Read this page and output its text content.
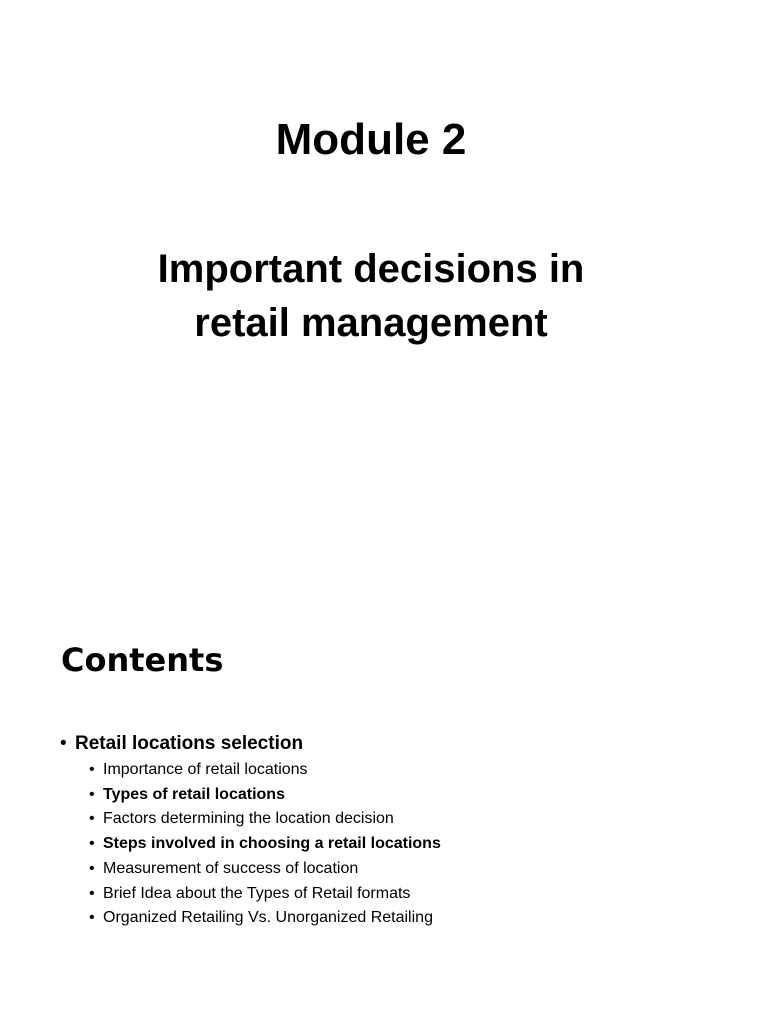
Module 2
Important decisions in
retail management
Contents
• Retail locations selection
• Importance of retail locations
• Types of retail locations
• Factors determining the location decision
• Steps involved in choosing a retail locations
• Measurement of success of location
• Brief Idea about the Types of Retail formats
• Organized Retailing Vs. Unorganized Retailing
